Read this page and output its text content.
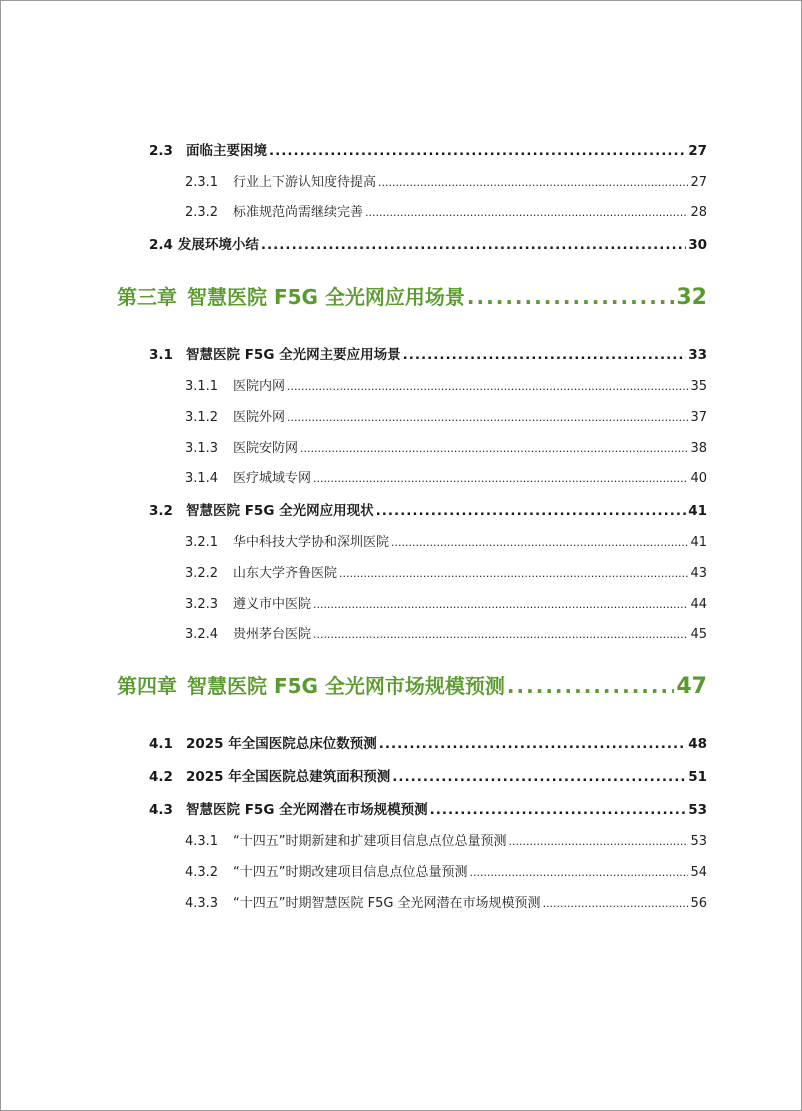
2.3 面临主要困境 .....	27
2.3.1	行业上下游认知度待提高 .....	27
2.3.2	标准规范尚需继续完善 .....	28
2.4 发展环境小结 .....	30
第三章 智慧医院 F5G 全光网应用场景 .....	32
3.1 智慧医院 F5G 全光网主要应用场景 .....	33
3.1.1	医院内网 .....	35
3.1.2	医院外网 .....	37
3.1.3	医院安防网 .....	38
3.1.4	医疗城域专网 .....	40
3.2 智慧医院 F5G 全光网应用现状 .....	41
3.2.1	华中科技大学协和深圳医院 .....	41
3.2.2	山东大学齐鲁医院 .....	43
3.2.3	遵义市中医院 .....	44
3.2.4	贵州茅台医院 .....	45
第四章 智慧医院 F5G 全光网市场规模预测 .....	47
4.1 2025 年全国医院总床位数预测 .....	48
4.2 2025 年全国医院总建筑面积预测 .....	51
4.3 智慧医院 F5G 全光网潜在市场规模预测 .....	53
4.3.1	“十四五”时期新建和扩建项目信息点位总量预测 .....	53
4.3.2	“十四五”时期改建项目信息点位总量预测 .....	54
4.3.3	“十四五”时期智慧医院 F5G 全光网潜在市场规模预测 .....	56
